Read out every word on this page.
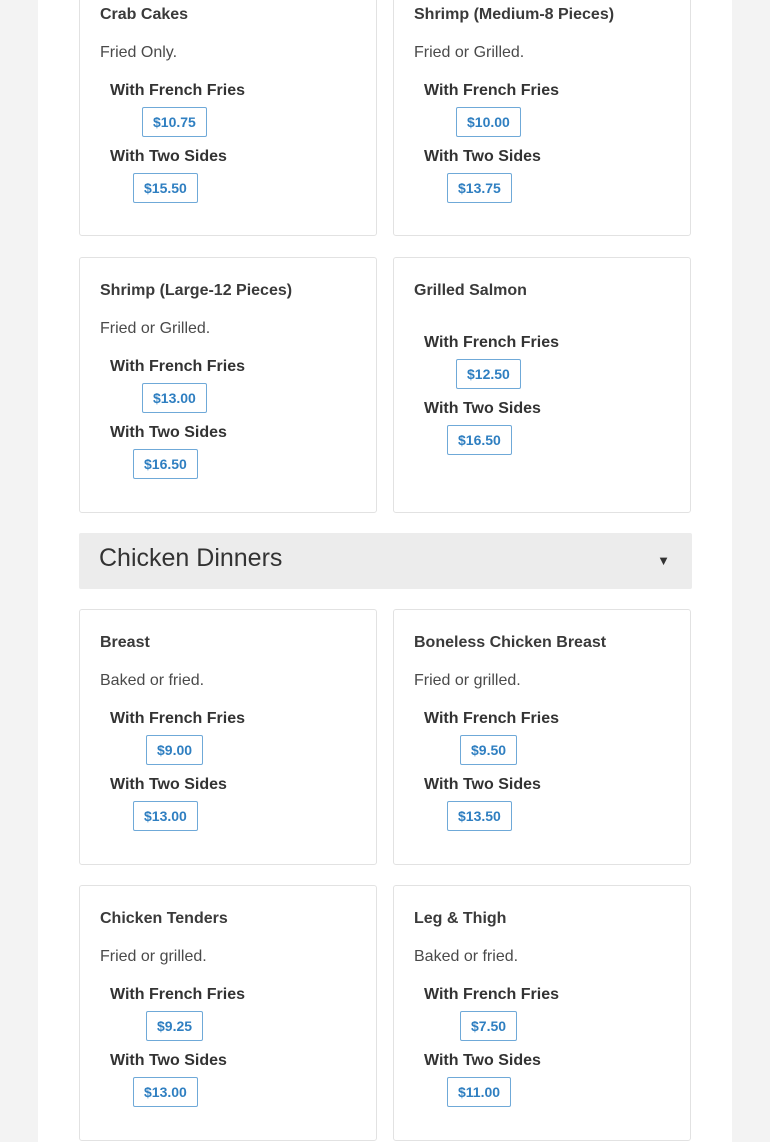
Crab Cakes
Fried Only.
With French Fries
$10.75
With Two Sides
$15.50
Shrimp (Medium-8 Pieces)
Fried or Grilled.
With French Fries
$10.00
With Two Sides
$13.75
Shrimp (Large-12 Pieces)
Fried or Grilled.
With French Fries
$13.00
With Two Sides
$16.50
Grilled Salmon
With French Fries
$12.50
With Two Sides
$16.50
Chicken Dinners	▼
Breast
Baked or fried.
With French Fries
$9.00
With Two Sides
$13.00
Boneless Chicken Breast
Fried or grilled.
With French Fries
$9.50
With Two Sides
$13.50
Chicken Tenders
Fried or grilled.
With French Fries
$9.25
With Two Sides
$13.00
Leg & Thigh
Baked or fried.
With French Fries
$7.50
With Two Sides
$11.00
